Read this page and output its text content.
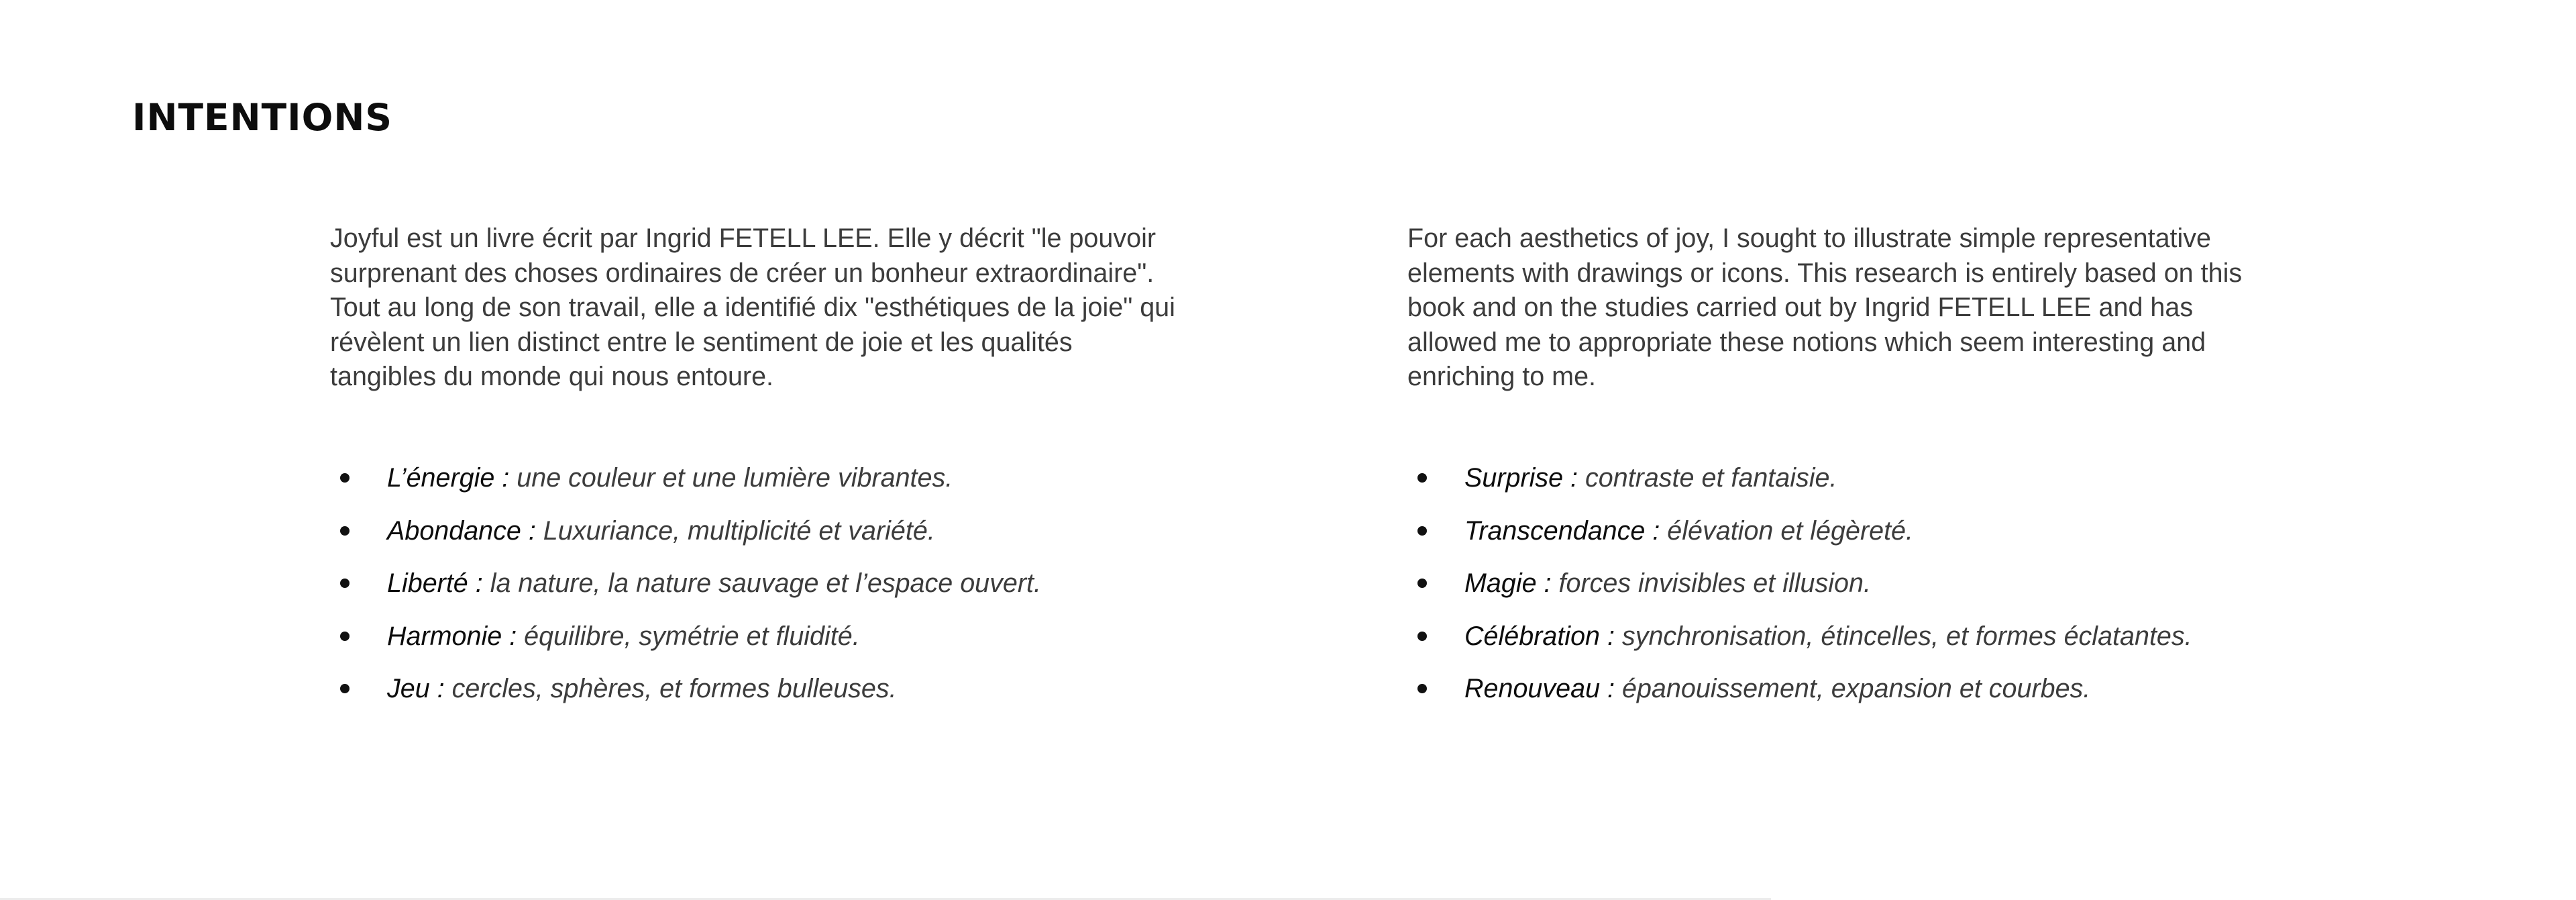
INTENTIONS

Joyful est un livre écrit par Ingrid FETELL LEE. Elle y décrit "le pouvoir surprenant des choses ordinaires de créer un bonheur extraordinaire". Tout au long de son travail, elle a identifié dix "esthétiques de la joie" qui révèlent un lien distinct entre le sentiment de joie et les qualités tangibles du monde qui nous entoure.

L’énergie : une couleur et une lumière vibrantes.
Abondance : Luxuriance, multiplicité et variété.
Liberté : la nature, la nature sauvage et l’espace ouvert.
Harmonie : équilibre, symétrie et fluidité.
Jeu : cercles, sphères, et formes bulleuses.

For each aesthetics of joy, I sought to illustrate simple representative elements with drawings or icons. This research is entirely based on this book and on the studies carried out by Ingrid FETELL LEE and has allowed me to appropriate these notions which seem interesting and enriching to me.

Surprise : contraste et fantaisie.
Transcendance : élévation et légèreté.
Magie : forces invisibles et illusion.
Célébration : synchronisation, étincelles, et formes éclatantes.
Renouveau : épanouissement, expansion et courbes.
